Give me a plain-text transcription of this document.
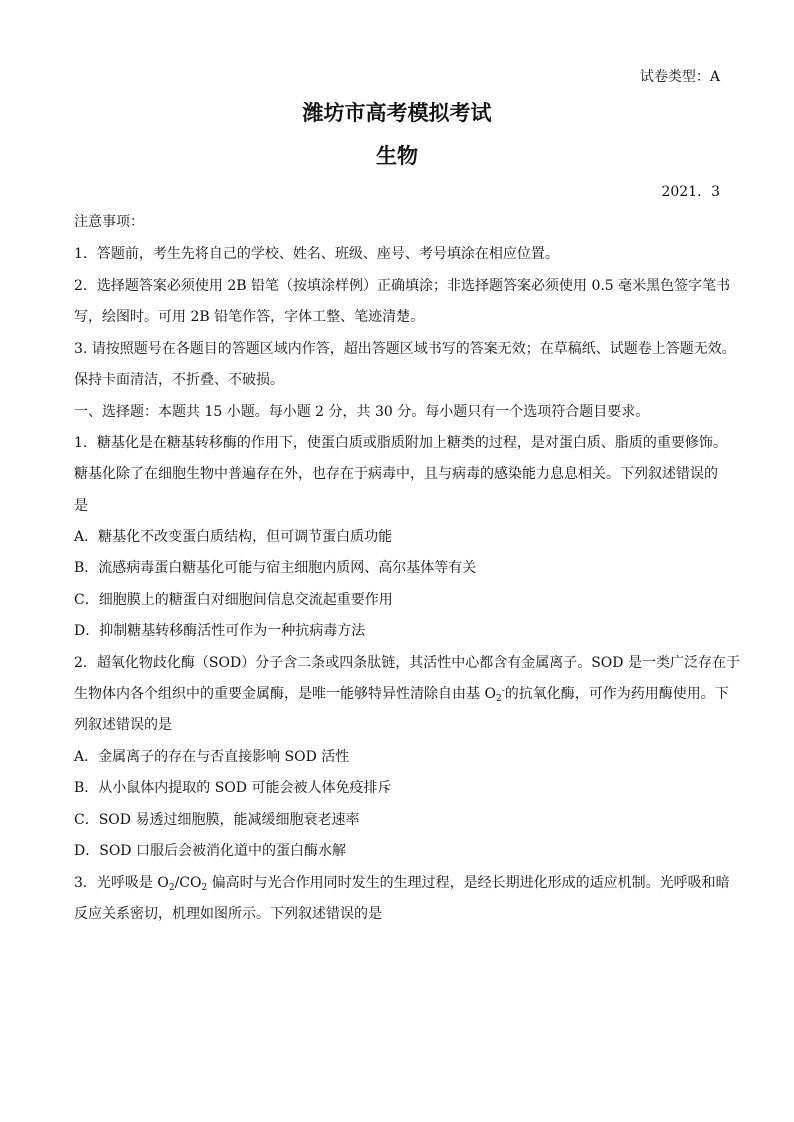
试卷类型：A
潍坊市高考模拟考试
生物
2021．3
注意事项：
1．答题前，考生先将自己的学校、姓名、班级、座号、考号填涂在相应位置。
2．选择题答案必须使用 2B 铅笔（按填涂样例）正确填涂；非选择题答案必须使用 0.5 毫米黑色签字笔书
写，绘图时。可用 2B 铅笔作答，字体工整、笔迹清楚。
3. 请按照题号在各题目的答题区域内作答，超出答题区域书写的答案无效；在草稿纸、试题卷上答题无效。
保持卡面清洁，不折叠、不破损。
一、选择题：本题共 15 小题。每小题 2 分，共 30 分。每小题只有一个选项符合题目要求。
1．糖基化是在糖基转移酶的作用下，使蛋白质或脂质附加上糖类的过程，是对蛋白质、脂质的重要修饰。
糖基化除了在细胞生物中普遍存在外，也存在于病毒中，且与病毒的感染能力息息相关。下列叙述错误的
是
A．糖基化不改变蛋白质结构，但可调节蛋白质功能
B．流感病毒蛋白糖基化可能与宿主细胞内质网、高尔基体等有关
C．细胞膜上的糖蛋白对细胞间信息交流起重要作用
D．抑制糖基转移酶活性可作为一种抗病毒方法
2．超氧化物歧化酶（SOD）分子含二条或四条肽链，其活性中心都含有金属离子。SOD 是一类广泛存在于
生物体内各个组织中的重要金属酶，是唯一能够特异性清除自由基 $O_2^-$的抗氧化酶，可作为药用酶使用。下
列叙述错误的是
A．金属离子的存在与否直接影响 SOD 活性
B．从小鼠体内提取的 SOD 可能会被人体免疫排斥
C．SOD 易透过细胞膜，能减缓细胞衰老速率
D．SOD 口服后会被消化道中的蛋白酶水解
3．光呼吸是 $O_2/CO_2$ 偏高时与光合作用同时发生的生理过程，是经长期进化形成的适应机制。光呼吸和暗
反应关系密切，机理如图所示。下列叙述错误的是
